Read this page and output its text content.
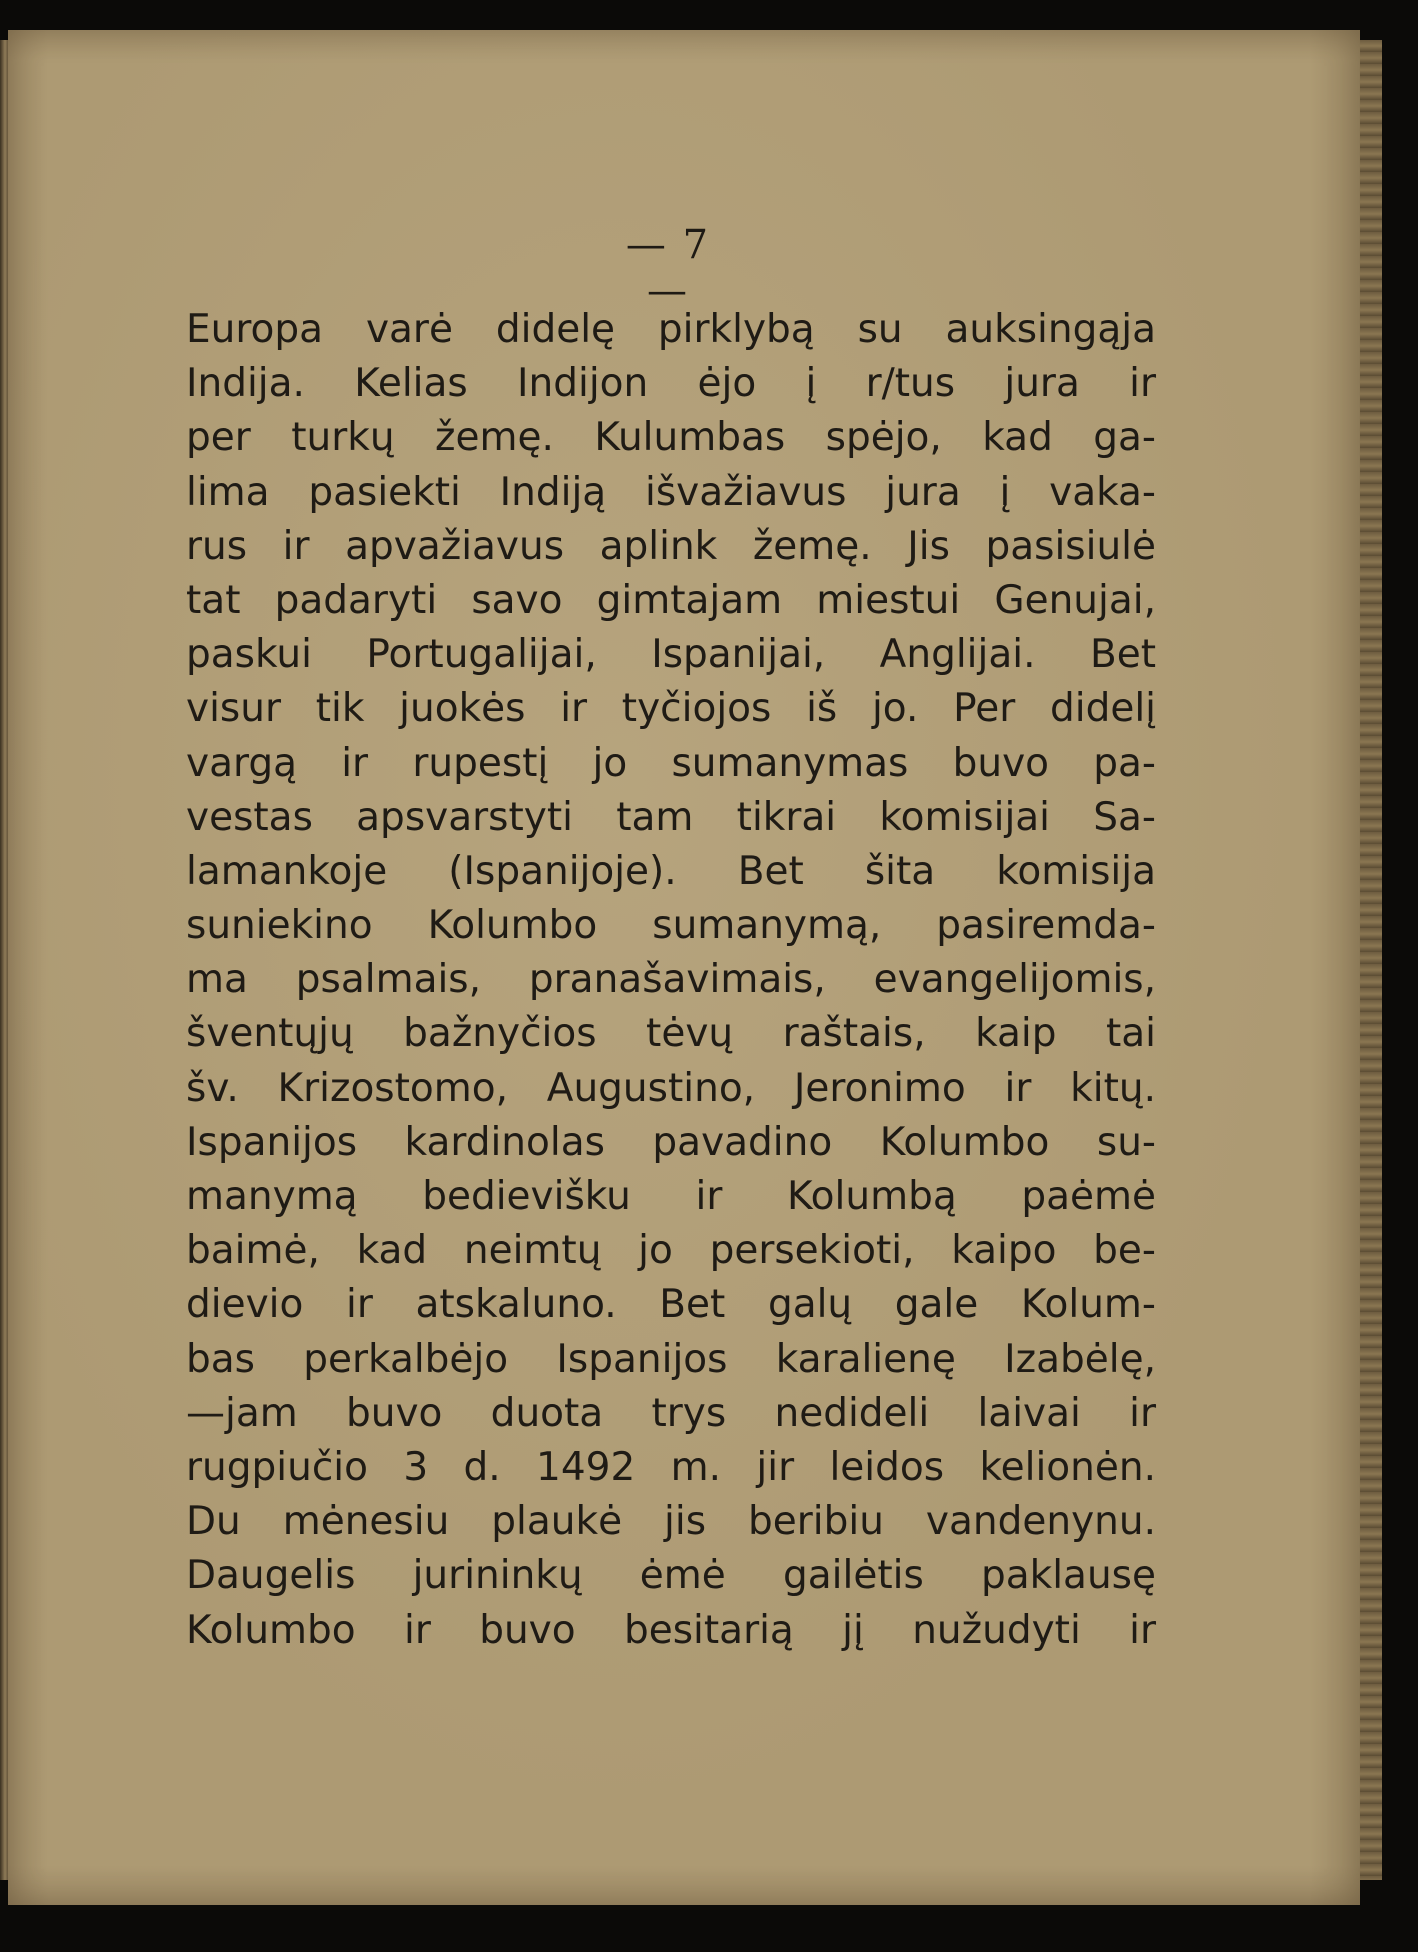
— 7 —
Europa varė didelę pirklybą su auksingąja
Indija. Kelias Indijon ėjo į r/tus jura ir
per turkų žemę. Kulumbas spėjo, kad ga-
lima pasiekti Indiją išvažiavus jura į vaka-
rus ir apvažiavus aplink žemę. Jis pasisiulė
tat padaryti savo gimtajam miestui Genujai,
paskui Portugalijai, Ispanijai, Anglijai. Bet
visur tik juokės ir tyčiojos iš jo. Per didelį
vargą ir rupestį jo sumanymas buvo pa-
vestas apsvarstyti tam tikrai komisijai Sa-
lamankoje (Ispanijoje). Bet šita komisija
suniekino Kolumbo sumanymą, pasiremda-
ma psalmais, pranašavimais, evangelijomis,
šventųjų bažnyčios tėvų raštais, kaip tai
šv. Krizostomo, Augustino, Jeronimo ir kitų.
Ispanijos kardinolas pavadino Kolumbo su-
manymą bedievišku ir Kolumbą paėmė
baimė, kad neimtų jo persekioti, kaipo be-
dievio ir atskaluno. Bet galų gale Kolum-
bas perkalbėjo Ispanijos karalienę Izabėlę,
—jam buvo duota trys nedideli laivai ir
rugpiučio 3 d. 1492 m. jir leidos kelionėn.
Du mėnesiu plaukė jis beribiu vandenynu.
Daugelis jurininkų ėmė gailėtis paklausę
Kolumbo ir buvo besitarią jį nužudyti ir
